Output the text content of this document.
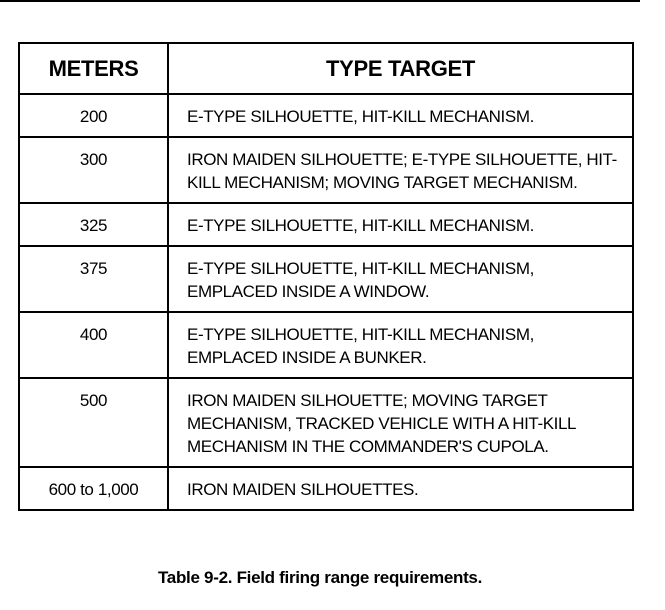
METERS	TYPE TARGET
200	E-TYPE SILHOUETTE, HIT-KILL MECHANISM.
300	IRON MAIDEN SILHOUETTE; E-TYPE SILHOUETTE, HIT-KILL MECHANISM; MOVING TARGET MECHANISM.
325	E-TYPE SILHOUETTE, HIT-KILL MECHANISM.
375	E-TYPE SILHOUETTE, HIT-KILL MECHANISM, EMPLACED INSIDE A WINDOW.
400	E-TYPE SILHOUETTE, HIT-KILL MECHANISM, EMPLACED INSIDE A BUNKER.
500	IRON MAIDEN SILHOUETTE; MOVING TARGET MECHANISM, TRACKED VEHICLE WITH A HIT-KILL MECHANISM IN THE COMMANDER'S CUPOLA.
600 to 1,000	IRON MAIDEN SILHOUETTES.
Table 9-2. Field firing range requirements.
